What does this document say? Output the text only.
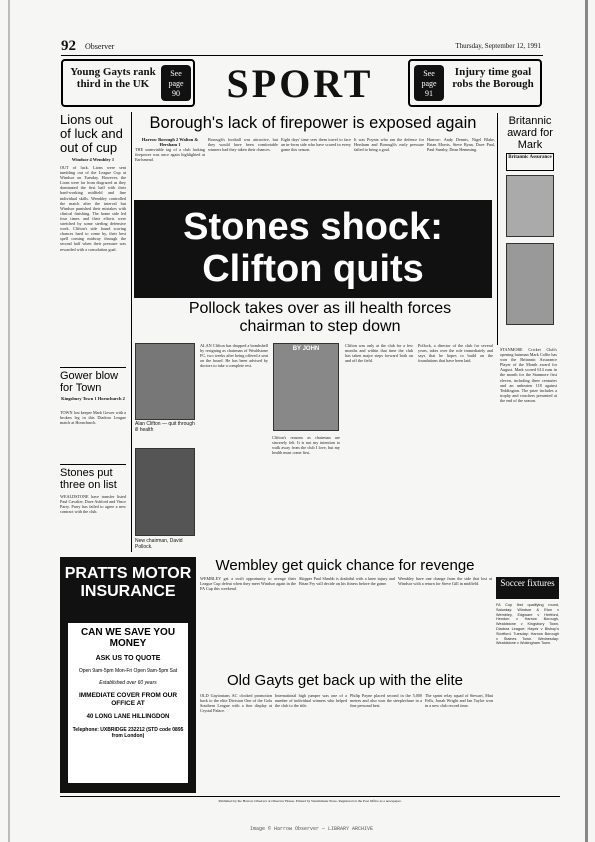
92 Observer	Thursday, September 12, 1991
Young Gayts rank third in the UK
See
page
90	SPORT	See
page
91
Injury time goal robs the Borough
Lions out of luck and out of cup
Windsor 4 Wembley 1
OUT of luck. Lions were sent tumbling out of the League Cup at Windsor on Tuesday. However, the Lions were far from disgraced as they dominated the first half with their hard-working midfield and fine individual skills. Wembley controlled the match after the interval but Windsor punished their mistakes with clinical finishing. The home side led four times and their efforts were stretched by some sterling defensive work. Clifton's side found scoring chances hard to come by, their best spell coming midway through the second half when their pressure was rewarded with a consolation goal.
Gower blow for Town
Kingsbury Town 1 Hornchurch 2
TOWN lost keeper Mark Gower with a broken leg in this Diadora League match at Hornchurch.
Stones put three on list
WEALDSTONE have transfer listed Paul Cavalier, Dave Ashford and Vince Parry. Parry has failed to agree a new contract with the club.
Borough's lack of firepower is exposed again
Harrow Borough 2 Walton & Hersham 1
THE unenviable tag of a club lacking firepower was once again highlighted at Earlsmead.
Borough's football was attractive, but they would have been comfortable winners had they taken their chances.
Eight days' time sees them travel to face an in-form side who have scored in every game this season.
It was Poyntz who ran the defence for Hersham and Borough's early pressure failed to bring a goal.
Harrow: Andy Dennis, Nigel Blake, Brian Morris, Steve Ryan, Dave Paul, Paul Sansby, Dean Hemming.
Britannic award for Mark
Britannic Assurance
STANMORE Cricket Club's opening batsman Mark Collie has won the Britannic Assurance Player of the Month award for August. Mark scored 614 runs in the month for the Stanmore first eleven, including three centuries and an unbeaten 118 against Teddington. The prize includes a trophy and vouchers presented at the end of the season.
Stones shock: Clifton quits
Pollock takes over as ill health forces chairman to step down
Alan Clifton — quit through ill health
New chairman, David Pollock.
ALAN Clifton has dropped a bombshell by resigning as chairman of Wealdstone FC, two weeks after being offered a seat on the board. He has been advised by doctors to take a complete rest.
BY JOHN
Clifton's reasons as chairman are sincerely felt. It is not my intention to walk away from the club I love, but my health must come first.
Clifton was only at the club for a few months and within that time the club has taken major steps forward both on and off the field.
Pollock, a director of the club for several years, takes over the role immediately and says that he hopes to build on the foundations that have been laid.
PRATTS MOTOR INSURANCE
CAN WE SAVE YOU MONEY
ASK US TO QUOTE
Open 9am-5pm Mon-Fri Open 9am-5pm Sat
Established over 60 years
IMMEDIATE COVER FROM OUR OFFICE AT
40 LONG LANE HILLINGDON
Telephone: UXBRIDGE 232212 (STD code 0895 from London)
Wembley get quick chance for revenge
WEMBLEY get a swift opportunity to avenge their League Cup defeat when they meet Windsor again in the FA Cup this weekend.
Skipper Paul Shrubb is doubtful with a knee injury and Brian Fry will decide on his fitness before the game.
Wembley have one change from the side that lost at Windsor with a return for Steve Gill in midfield.	Soccer fixtures
FA Cup first qualifying round, Saturday: Windsor & Eton v Wembley, Edgware v Hertford, Hendon v Harrow Borough, Wealdstone v Kingsbury Town. Diadora League: Hayes v Bishop's Stortford. Tuesday: Harrow Borough v Staines Town. Wednesday: Wealdstone v Wokingham Town.
Old Gayts get back up with the elite
OLD Gaytonians AC clocked promotion back to the elite Division One of the Gola Southern League with a fine display at Crystal Palace.
International high jumper was one of a number of individual winners who helped the club to the title.
Philip Payne placed second in the 5,000 metres and also won the steeplechase in a fine personal best.
The sprint relay squad of Stewart, Matt Fells, Jonah Wright and Ian Taylor won in a new club record time.
Published by the Harrow Observer at Observer House. Printed by Westminster Press. Registered at the Post Office as a newspaper.
Image © Harrow Observer — LIBRARY ARCHIVE
